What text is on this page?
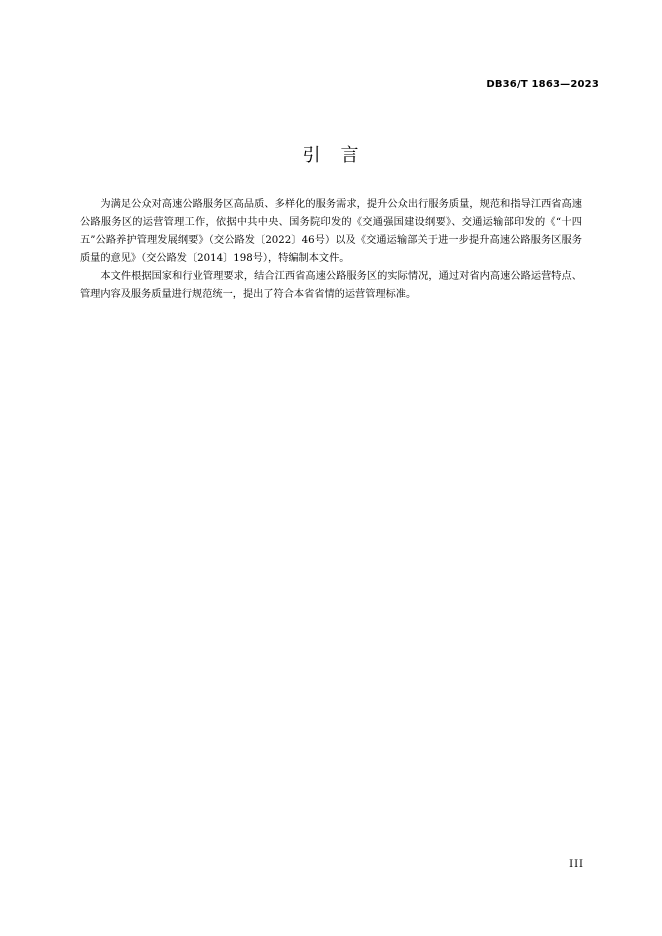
DB36/T 1863—2023
引　言

为满足公众对高速公路服务区高品质、多样化的服务需求，提升公众出行服务质量，规范和指导江西省高速公路服务区的运营管理工作，依据中共中央、国务院印发的《交通强国建设纲要》、交通运输部印发的《“十四五”公路养护管理发展纲要》（交公路发〔2022〕46号）以及《交通运输部关于进一步提升高速公路服务区服务质量的意见》（交公路发〔2014〕198号），特编制本文件。

本文件根据国家和行业管理要求，结合江西省高速公路服务区的实际情况，通过对省内高速公路运营特点、管理内容及服务质量进行规范统一，提出了符合本省省情的运营管理标准。

III
